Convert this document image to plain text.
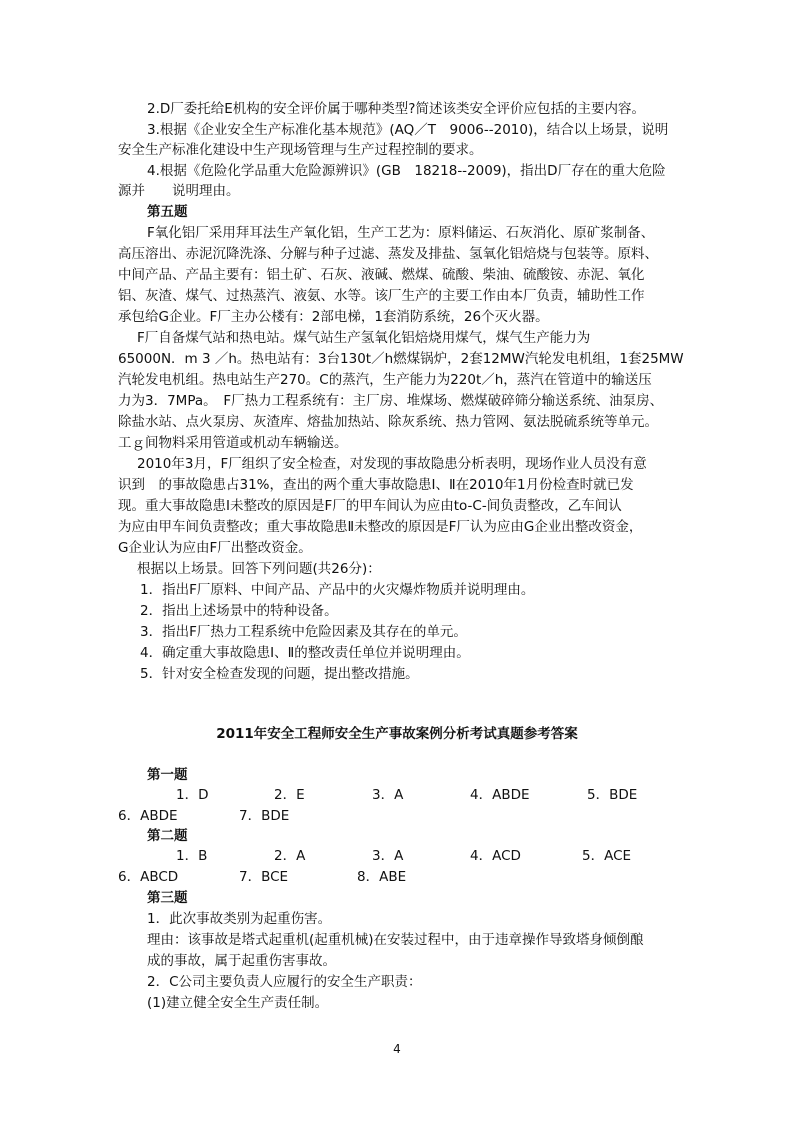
2.D厂委托给E机构的安全评价属于哪种类型?简述该类安全评价应包括的主要内容。
3.根据《企业安全生产标准化基本规范》(AQ／T　9006--2010)，结合以上场景，说明
安全生产标准化建设中生产现场管理与生产过程控制的要求。
4.根据《危险化学品重大危险源辨识》(GB　18218--2009)，指出D厂存在的重大危险
源并　　说明理由。
第五题
F氧化铝厂采用拜耳法生产氧化铝，生产工艺为：原料储运、石灰消化、原矿浆制备、
高压溶出、赤泥沉降洗涤、分解与种子过滤、蒸发及排盐、氢氧化铝焙烧与包装等。原料、
中间产品、产品主要有：铝土矿、石灰、液碱、燃煤、硫酸、柴油、硫酸铵、赤泥、氧化
铝、灰渣、煤气、过热蒸汽、液氨、水等。该厂生产的主要工作由本厂负责，辅助性工作
承包给G企业。F厂主办公楼有：2部电梯，1套消防系统，26个灭火器。
F厂自备煤气站和热电站。煤气站生产氢氧化铝焙烧用煤气，煤气生产能力为
65000N．m 3 ／h。热电站有：3台130t／h燃煤锅炉，2套12MW汽轮发电机组，1套25MW
汽轮发电机组。热电站生产270。C的蒸汽，生产能力为220t／h，蒸汽在管道中的输送压
力为3．7MPa。　F厂热力工程系统有：主厂房、堆煤场、燃煤破碎筛分输送系统、油泵房、
除盐水站、点火泵房、灰渣库、熔盐加热站、除灰系统、热力管网、氨法脱硫系统等单元。
工ｇ间物料采用管道或机动车辆输送。
2010年3月，F厂组织了安全检查，对发现的事故隐患分析表明，现场作业人员没有意
识到　的事故隐患占31%，查出的两个重大事故隐患Ⅰ、Ⅱ在2010年1月份检查时就已发
现。重大事故隐患Ⅰ未整改的原因是F厂的甲车间认为应由to-C-间负责整改，乙车间认
为应由甲车间负责整改；重大事故隐患Ⅱ未整改的原因是F厂认为应由G企业出整改资金，
G企业认为应由F厂出整改资金。
根据以上场景。回答下列问题(共26分)：
1．指出F厂原料、中间产品、产品中的火灾爆炸物质并说明理由。
2．指出上述场景中的特种设备。
3．指出F厂热力工程系统中危险因素及其存在的单元。
4．确定重大事故隐患Ⅰ、Ⅱ的整改责任单位并说明理由。
5．针对安全检查发现的问题，提出整改措施。
2011年安全工程师安全生产事故案例分析考试真题参考答案
第一题
1．D	2．E	3．A	4．ABDE	5．BDE
6．ABDE	7．BDE
第二题
1．B	2．A	3．A	4．ACD	5．ACE
6．ABCD	7．BCE	8．ABE
第三题
1．此次事故类别为起重伤害。
理由：该事故是塔式起重机(起重机械)在安装过程中，由于违章操作导致塔身倾倒酿
成的事故，属于起重伤害事故。
2．C公司主要负责人应履行的安全生产职责：
(1)建立健全安全生产责任制。
4
